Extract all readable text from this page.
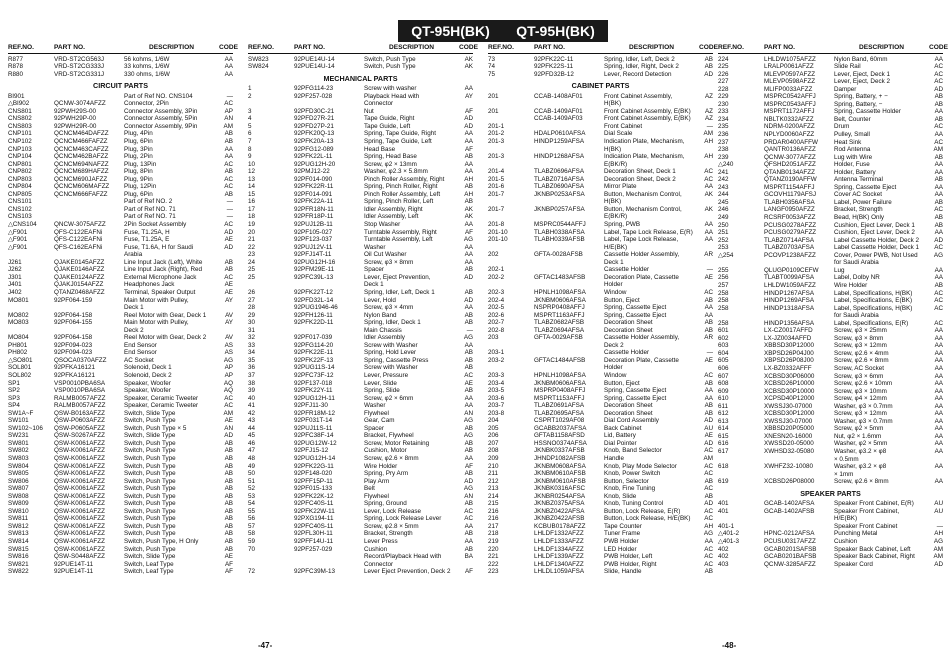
QT-95H(BK) QT-95H(BK)
REF.NO.	PART NO.	DESCRIPTION	CODE
R877	VRD-ST2CG563J	56 kohms, 1/6W	AA
R878	VRD-ST2CG333J	33 kohms, 1/6W	AA
R880	VRD-ST2CG331J	330 ohms, 1/6W	AA
CIRCUIT PARTS
BI901	Part of Ref NO. CNS104	—
△BI902	QCNW-3074AFZZ	Connector, 2Pin	AC
CNS801	92PWH29S-00	Connector Assembly, 3Pin	AP
CNS802	92PWH29P-00	Connector Assembly, 5Pin	AN
CNS803	92PWH29R-00	Connector Assembly, 9Pin	AM
CNP101	QCNCM464DAFZZ	Plug, 4Pin	AB
CNP102	QCNCM466FAFZZ	Plug, 6Pin	AB
CNP103	QCNCM463CAFZZ	Plug, 3Pin	AA
CNP104	QCNCM462BAFZZ	Plug, 2Pin	AA
CNP801	QCNCM694NAFZZ	Plug, 13Pin	AC
CNP802	QCNCM689HAFZZ	Plug, 8Pin	AB
CNP803	QCNCM690JAFZZ	Plug, 9Pin	AC
CNP804	QCNCM606MAFZZ	Plug, 12Pin	AC
CNP805	QCNCM666FAFZZ	Plug, 6Pin	AB
CNS101	Part of Ref NO. 2	—
CNS102	Part of Ref NO. 71	—
CNS103	Part of Ref NO. 71	—
△CNS104	QNCW-3075AFZZ	2Pin Socket Assembly	AC
△F901	QFS-C122EAFNi	Fuse, T1.25A, H	AD
△F901	QFS-C122EAFNi	Fuse, T1.25A, E	AE
△F901	QFS-C162EAFNi	Fuse, T1.6A, H for Saudi	AD
Arabia
J261	QJAKE0145AFZZ	Line Input Jack (Left), White	AB
J262	QJAKE0146AFZZ	Line Input Jack (Right), Red	AB
J301	QJAKE0124AFZZ	External Microphone Jack	AC
J401	QJAKJ0154AFZZ	Headphones Jack	AE
J402	QTANZ0468AFZZ	Terminal, Speaker Output	AE
MO801	92PF064-159	Main Motor with Pulley,	AY
Deck 1
MO802	92PF064-158	Reel Motor with Gear, Deck 1	AV
MO803	92PF064-155	Main Motor with Pulley,	AY
Deck 2
MO804	92PF064-158	Reel Motor with Gear, Deck 2	AV
PH801	92PF094-023	End Sensor	AS
PH802	92PF094-023	End Sensor	AS
△SO801	QSOCA0370AFZZ	AC Socket	AG
SOL801	92PFKA16121	Solenoid, Deck 1	AP
SOL802	92PFKA16121	Solenoid, Deck 2	AP
SP1	VSP0010PBA6SA	Speaker, Woofer	AQ
SP2	VSP0010PBA6SA	Speaker, Woofer	AQ
SP3	RALMB0057AFZZ	Speaker, Ceramic Tweeter	AC
SP4	RALMB0057AFZZ	Speaker, Ceramic Tweeter	AC
SW1A~F	QSW-B0163AFZZ	Switch, Slide Type	AM
SW101	QSW-P0603AFZZ	Switch, Push Type	AE
SW102~106	QSW-P0605AFZZ	Switch, Push Type × 5	AN
SW231	QSW-S0267AFZZ	Switch, Slide Type	AD
SW801	QSW-K0061AFZZ	Switch, Push Type	AB
SW802	QSW-K0061AFZZ	Switch, Push Type	AB
SW803	QSW-K0061AFZZ	Switch, Push Type	AB
SW804	QSW-K0061AFZZ	Switch, Push Type	AB
SW805	QSW-K0061AFZZ	Switch, Push Type	AB
SW806	QSW-K0061AFZZ	Switch, Push Type	AB
SW807	QSW-K0061AFZZ	Switch, Push Type	AB
SW808	QSW-K0061AFZZ	Switch, Push Type	AB
SW809	QSW-K0061AFZZ	Switch, Push Type	AB
SW810	QSW-K0061AFZZ	Switch, Push Type	AB
SW811	QSW-K0061AFZZ	Switch, Push Type	AB
SW812	QSW-K0061AFZZ	Switch, Push Type	AB
SW813	QSW-K0061AFZZ	Switch, Push Type	AB
SW814	QSW-K0061AFZZ	Switch, Push Type, H Only	AB
SW815	QSW-K0061AFZZ	Switch, Push Type	AB
SW816	QSW-S0448AFZZ	Switch, Slide Type	AE
SW821	92PUE14T-11	Switch, Leaf Type	AF
SW822	92PUE14T-11	Switch, Leaf Type	AF
REF.NO.	PART NO.	DESCRIPTION	CODE
SW823	92PUE14U-14	Switch, Push Type	AK
SW824	92PUE14U-14	Switch, Push Type	AK
MECHANICAL PARTS
1	92PFG114-23	Screw with washer	AA
2	92PF257-028	Playback Head with	AY
Connector
3	92PFD30C-21	Nut	AF
4	92PFD27R-21	Tape Guide, Right	AD
5	92PFD27P-21	Tape Guide, Left	AD
6	92PFK20Q-13	Spring, Tape Guide, Right	AA
7	92PFK20A-13	Spring, Tape Guide, Left	AA
8	92PFG12-089	Head Base	AF
9	92PFK22L-11	Spring, Head Base	AB
10	92PUG12H-20	Screw, φ2 × 13mm	AA
12	92PMJ12-22	Washer, φ2.3 × 5.8mm	AA
13	92PF014-090	Pinch Roller Assembly, Right	AH
14	92PFK22R-11	Spring, Pinch Roller, Right	AB
15	92PF014-091	Pinch Roller Assembly, Left	AH
16	92PFK22A-11	Spring, Pinch Roller, Left	AB
17	92PFR18N-11	Idler Assembly, Right	AK
18	92PFR18P-11	Idler Assembly, Left	AK
19	92PUJ12B-11	Stop Washer	AA
20	92PF105-027	Turntable Assembly, Right	AF
21	92PF123-037	Turntable Assembly, Left	AG
22	92PUJ12V-11	Washer	AA
23	92PFJ14T-11	Oil Cut Washer	AA
24	92PUG12H-16	Screw, φ3 × 8mm	AA
25	92PFM29E-11	Spacer	AB
25	92PFC39L-13	Lever, Eject Prevention,	AD
Deck 1
26	92PFK22T-12	Spring, Idler, Left, Deck 1	AB
27	92PFD32L-14	Lever, Hold	AD
28	92PUG1946-46	Screw, φ3 × 4mm	AA
29	92PFH126-11	Nylon Band	AB
30	92PFK22D-11	Spring, Idler, Deck 1	AB
31	Main Chassis	—
32	92PF017-039	Idler Assembly	AG
33	92PFG114-20	Screw with Washer	AA
34	92PFK22E-11	Spring, Hold Lever	AB
35	92PFK22F-13	Spring, Cassette Press	AB
36	92PUG11S-14	Screw with Washer	AB
37	92PFC73F-12	Lever, Pressure	AC
38	92PF137-018	Lever, Slide	AE
39	92PFK22Y-11	Spring, Slide	AB
40	92PUG12H-11	Screw, φ2 × 6mm	AA
41	92PFJ11-30	Washer	AA
42	92PFR18M-12	Flywheel	AN
43	92PF031T-14	Gear, Cam	AG
44	92PUJ11S-11	Spacer	AB
45	92PFC38F-14	Bracket, Flywheel	AG
46	92PUG12W-12	Screw, Motor Retaining	AB
47	92PFJ15-12	Cushion, Motor	AB
48	92PUG12H-14	Screw, φ2.6 × 8mm	AA
49	92PFK22G-11	Wire Holder	AF
50	92PF148-020	Spring, Pry Arm	AB
51	92PFF15P-11	Play Arm	AD
52	92PF015-133	Belt	AG
53	92PFK22K-12	Flywheel	AN
54	92PFC40S-11	Spring, Ground	AB
55	92PFK22W-11	Lever, Lock Release	AC
56	92PXG194-11	Spring, Lock Release Lever	AC
57	92PFC40S-11	Screw, φ2.8 × 5mm	AA
58	92PFL30H-11	Bracket, Strength	AB
59	92PFF14U-11	Lever Press	AA
70	92PF257-029	Cushion	AB
Record/Playback Head with	BA
Connector
72	92PFC39M-13	Lever Eject Prevention, Deck 2	AF
REF.NO.	PART NO.	DESCRIPTION	CODE
73	92PFK22C-11	Spring, Idler, Left, Deck 2	AB
74	92PFK22S-11	Spring, Idler, Right, Deck 2	AB
75	92PFD32B-12	Lever, Record Detection	AD
CABINET PARTS
201	CCAB-1408AF01	Front Cabinet Assembly,	AZ
H(BK)
201	CCAB-1409AF01	Front Cabinet Assembly, E(BK)	AZ
CCAB-1409AF03	Front Cabinet Assembly, E(BK)	AZ
201-1	Front Cabinet	—
201-2	HDALP0610AFSA	Dial Scale	AM
201-3	HINDP1259AFSA	Indication Plate, Mechanism,	AH
H(BK)
201-3	HINDP1268AFSA	Indication Plate, Mechanism,	AH
E(BK/R)
201-4	TLABZ0696AFSA	Decoration Sheet, Deck 1	AC
201-5	TLABZ0716AFSA	Decoration Sheet, Deck 2	AC
201-6	TLABZ0690AFSA	Mirror Plate	AA
201-7	JKNBP0253AFSA	Button, Mechanism Control,	AK
H(BK)
201-7	JKNBP0257AFSA	Button, Mechanism Control,	AK
E(BK/R)
201-8	MSPRC0544AFFJ	Spring, PWB	AA
201-10	TLABH0338AFSA	Label, Tape Lock Release, E(R)	AA
201-10	TLABH0339AFSB	Label, Tape Lock Release,	AA
H/E(BK)
202	GFTA-0028AFSB	Cassette Holder Assembly,	AR
Deck 1
202-1	Cassette Holder	—
202-2	GFTAC1483AFSB	Decoration Plate, Cassette	AE
Holder
202-3	HPNLH1098AFSA	Window	AC
202-4	JKNBM0606AFSA	Button, Eject	AB
202-5	NSPRP0408AFFJ	Spring, Cassette Eject	AA
202-6	MSPRT1163AFFJ	Spring, Cassette Eject	AA
202-7	TLABZ0682AFSB	Decoration Sheet	AB
202-8	TLABZ0694AFSA	Decoration Sheet	AB
203	GFTA-0029AFSB	Cassette Holder Assembly,	AR
Deck 2
203-1	Cassette Holder	—
203-2	GFTAC1484AFSB	Decoration Plate, Cassette	AE
Holder
203-3	HPNLH1098AFSA	Window	AC
203-4	JKNBM0606AFSA	Button, Eject	AB
203-5	MSPRP0408AFFJ	Spring, Cassette Eject	AA
203-6	MSPRT1153AFFJ	Spring, Cassette Eject	AA
203-7	TLABZ0691AFSA	Decoration Sheet	AB
203-8	TLABZ0695AFSA	Decoration Sheet	AB
204	CSPRT1029AF08	Dial Cord Assembly	AD
205	GCABB2037AFSA	Back Cabinet	AU
206	GFTAB1158AFSD	Lid, Battery	AE
207	HSSNO0374AFSA	Dial Pointer	AD
208	JKNBK0337AFSB	Knob, Band Selector	AC
209	JHNDP1082AFSB	Handle	AM
210	JKNBM0608AFSA	Knob, Play Mode Selector	AC
211	JKNBM0610AFSB	Knob, Power Switch	AC
212	JKNBM0610AFSB	Button, Selector	AB
213	JKNBK0316AFSC	Knob, Fine Tuning	AC
214	JKNBR0254AFSA	Knob, Slide	AB
215	JKNBZ0375AFSA	Knob, Tuning Control	AD
216	JKNBZ0422AFSA	Button, Lock Release, E(R)	AC
216	JKNBZ0422AFSB	Button, Lock Release, H/E(BK)	AC
217	KCBUB0178AFZZ	Tape Counter	AH
218	LHLDF1332AFZZ	Tuner Frame	AG
219	LHLDF1333AFZZ	PWB Holder	AA
220	LHLDF1334AFZZ	LED Holder	AC
221	LHLDF1339AFZZ	PWB Holder, Left	AC
222	LHLDF1340AFZZ	PWB Holder, Right	AC
223	LHLDL1059AFSA	Slide, Handle	AB
REF.NO.	PART NO.	DESCRIPTION	CODE
224	LHLDW1075AFZZ	Nylon Band, 60mm	AA
225	LRALP0061AFZZ	Slide Rail	AC
226	MLEVP0597AFZZ	Lever, Eject, Deck 1	AC
227	MLEVP0598AFZZ	Lever, Eject, Deck 2	AC
228	MLIFP0033AFZZ	Damper	AD
229	MSPRC0542AFFJ	Spring, Battery, + −	AB
230	MSPRC0543AFFJ	Spring, Battery, −	AB
233	MSPRT1172AFFJ	Spring, Cassette Holder	AA
234	NBLTK0332AFZZ	Belt, Counter	AB
235	NDRM-0200AFZZ	Drum	AC
236	NPLYD0060AFZZ	Pulley, Small	AA
237	PRDAR0400AFFW	Heat Sink	AC
238	QANTR0136AFZZ	Rod Antenna	AM
239	QCNW-3077AFZZ	Lug with Wire	AB
△240	QFSHD2051AFZZ	Holder, Fuse	AA
241	QTANB0134AFZZ	Holder, Battery	AA
242	QTANZ0190AFFW	Antenna Terminal	AB
243	MSPRT1154AFFJ	Spring, Cassette Eject	AA
244	GCOVH1179AFSJ	Cover AC Socket	AA
245	TLABH0356AFSA	Label, Power Failure	AB
246	LANGF0950AFZZ	Bracket, Strength	AC
249	RCSRF0053AFZZ	Bead, H(BK) Only	AB
250	PCUSG0278AFZZ	Cushion, Eject Lever, Deck 1	AB
251	PCUSG0279AFZZ	Cushion, Eject Lever, Deck 2	AA
252	TLABZ0714AFSA	Label Cassette Holder, Deck 2	AD
253	TLABZ0703AFSA	Label Cassette Holder, Deck 1	AC
△254	PCOVP1238AFZZ	Cover, Power PWB, Not Used	AG
for Saudi Arabia
255	QLUGP0109CEFW	Lug	AA
256	TLABT0099AFSA	Label, Dolby NR	AA
257	LHLDW1059AFZZ	Wire Holder	AB
258	HINDP1267AFSA	Label, Specifications, H(BK)	AC
258	HINDP1269AFSA	Label, Specifications, E(BK)	AC
258	HINDP1318AFSA	Label, Specifications, H(BK)	AC
for Saudi Arabia
258	HINDP1356AFSA	Label, Specifications, E(R)	AC
601	LX-CZ0017AFFD	Screw, φ3 × 25mm	AA
602	LX-JZ0034AFFD	Screw, φ3 × 8mm	AA
603	XBBSD30P12000	Screw, φ3 × 12mm	AA
604	XBPSD26P04J00	Screw, φ2.6 × 4mm	AA
605	XBPSD26P08J00	Screw, φ2.6 × 8mm	AA
606	LX-BZ0332AFFF	Screw, AC Socket	AA
607	XCBSD30P06000	Screw, φ3 × 6mm	AA
608	XCBSD26P10000	Screw, φ2.6 × 10mm	AA
609	XCBSD30P10000	Screw, φ3 × 10mm	AA
610	XCPSD40P12000	Screw, φ4 × 12mm	AA
611	XWSSJ30-07000	Washer, φ3 × 0.7mm	AA
612	XCBSD30P12000	Screw, φ3 × 12mm	AA
613	XWSSJ30-07000	Washer, φ3 × 0.7mm	AA
614	XBBSD20P05000	Screw, φ2 × 5mm	AA
615	XNESN20-16000	Nut, φ2 × 1.6mm	AA
616	XWSSD20-05000	Washer, φ2 × 5mm	AA
617	XWHSD32-05080	Washer, φ3.2 × φ8	AA
× 0.5mm
618	XWHFZ32-10080	Washer, φ3.2 × φ8	AA
× 1mm
619	XCBSD26P08000	Screw, φ2.6 × 8mm	AA
SPEAKER PARTS
401	GCAB-1402AFSA	Speaker Front Cabinet, E(R)	AU
401	GCAB-1402AFSB	Speaker Front Cabinet,	AU
H/E(BK)
401-1	Speaker Front Cabinet	—
△401-2	HPNC-0212AFSA	Punching Metal	AH
△401-3	PCUSU0317AFZZ	Cushion	AG
402	GCAB0201SAFSB	Speaker Back Cabinet, Left	AM
402	GCAB0201BAFSB	Speaker Back Cabinet, Right	AM
403	QCNW-3285AFZZ	Speaker Cord	AD
-47-	-48-
